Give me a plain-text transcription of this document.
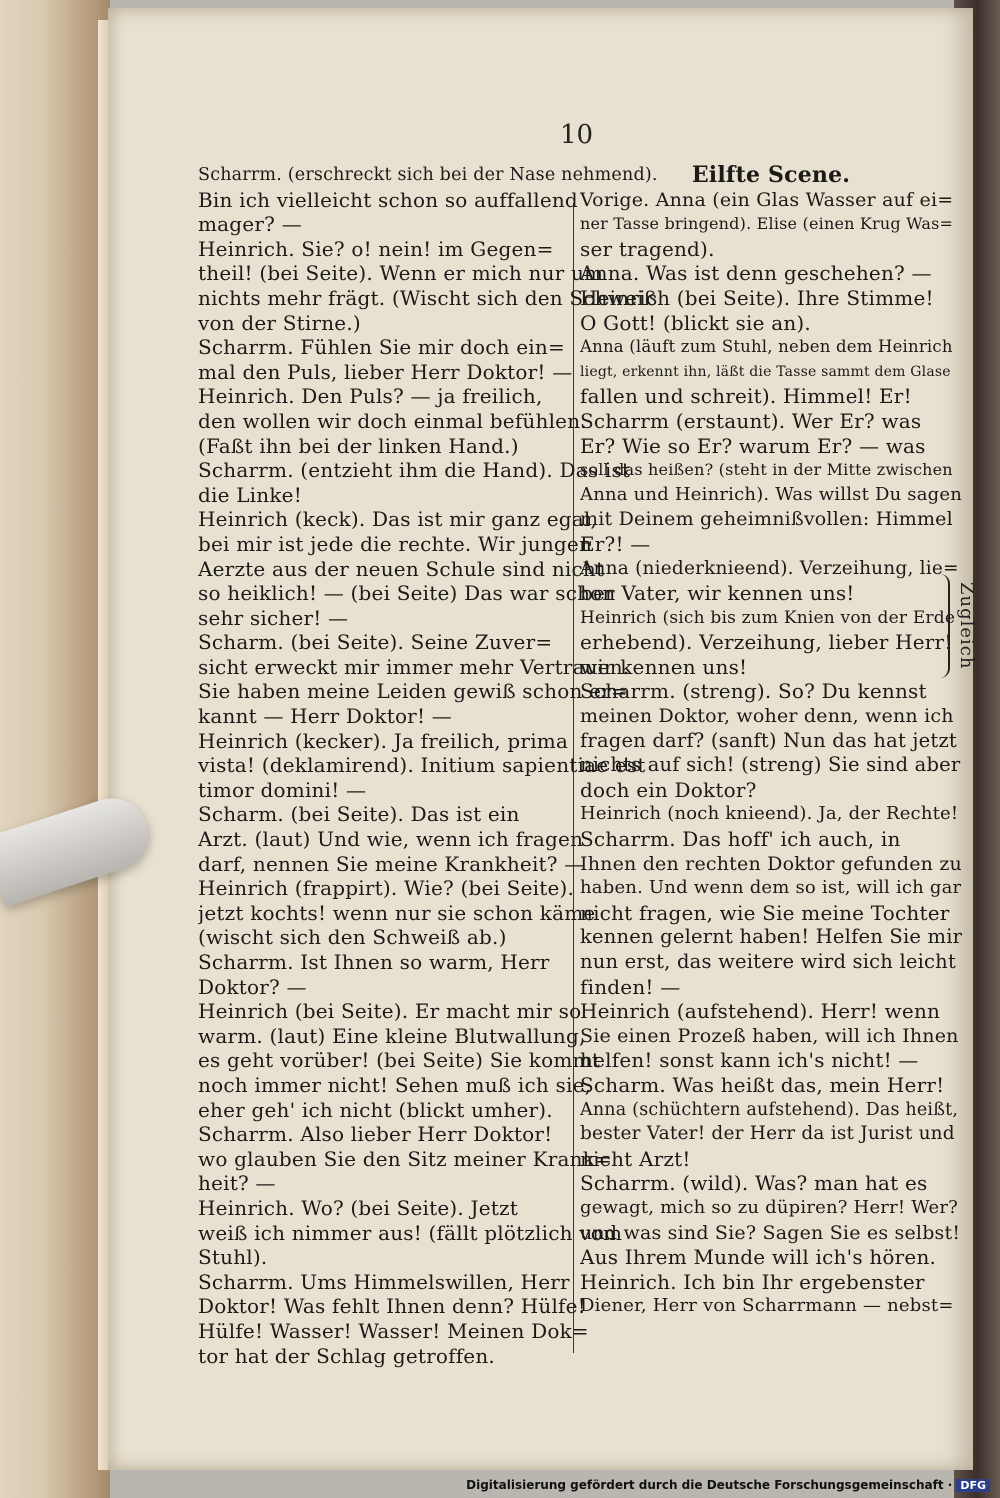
10
Scharrm. (erschreckt sich bei der Nase nehmend).
Bin ich vielleicht schon so auffallend
mager? —
Heinrich. Sie? o! nein! im Gegen=
theil! (bei Seite). Wenn er mich nur um
nichts mehr frägt. (Wischt sich den Schweiß
von der Stirne.)
Scharrm. Fühlen Sie mir doch ein=
mal den Puls, lieber Herr Doktor! —
Heinrich. Den Puls? — ja freilich,
den wollen wir doch einmal befühlen.
(Faßt ihn bei der linken Hand.)
Scharrm. (entzieht ihm die Hand). Das ist
die Linke!
Heinrich (keck). Das ist mir ganz egal,
bei mir ist jede die rechte. Wir jungen
Aerzte aus der neuen Schule sind nicht
so heiklich! — (bei Seite) Das war schon
sehr sicher! —
Scharm. (bei Seite). Seine Zuver=
sicht erweckt mir immer mehr Vertrauen.
Sie haben meine Leiden gewiß schon er=
kannt — Herr Doktor! —
Heinrich (kecker). Ja freilich, prima
vista! (deklamirend). Initium sapientiae est
timor domini! —
Scharm. (bei Seite). Das ist ein
Arzt. (laut) Und wie, wenn ich fragen
darf, nennen Sie meine Krankheit? —
Heinrich (frappirt). Wie? (bei Seite).
jetzt kochts! wenn nur sie schon käme
(wischt sich den Schweiß ab.)
Scharrm. Ist Ihnen so warm, Herr
Doktor? —
Heinrich (bei Seite). Er macht mir so
warm. (laut) Eine kleine Blutwallung,
es geht vorüber! (bei Seite) Sie kommt
noch immer nicht! Sehen muß ich sie,
eher geh' ich nicht (blickt umher).
Scharrm. Also lieber Herr Doktor!
wo glauben Sie den Sitz meiner Krank=
heit? —
Heinrich. Wo? (bei Seite). Jetzt
weiß ich nimmer aus! (fällt plötzlich vom
Stuhl).
Scharrm. Ums Himmelswillen, Herr
Doktor! Was fehlt Ihnen denn? Hülfe!
Hülfe! Wasser! Wasser! Meinen Dok=
tor hat der Schlag getroffen.
Eilfte Scene.
Vorige. Anna (ein Glas Wasser auf ei=
ner Tasse bringend). Elise (einen Krug Was=
ser tragend).
Anna. Was ist denn geschehen? —
Heinrich (bei Seite). Ihre Stimme!
O Gott! (blickt sie an).
Anna (läuft zum Stuhl, neben dem Heinrich
liegt, erkennt ihn, läßt die Tasse sammt dem Glase
fallen und schreit). Himmel! Er!
Scharrm (erstaunt). Wer Er? was
Er? Wie so Er? warum Er? — was
soll das heißen? (steht in der Mitte zwischen
Anna und Heinrich). Was willst Du sagen
mit Deinem geheimnißvollen: Himmel
Er?! —
Anna (niederknieend). Verzeihung, lie=
ber Vater, wir kennen uns!
Heinrich (sich bis zum Knien von der Erde
erhebend). Verzeihung, lieber Herr!
wir kennen uns!
Scharrm. (streng). So? Du kennst
meinen Doktor, woher denn, wenn ich
fragen darf? (sanft) Nun das hat jetzt
nichts auf sich! (streng) Sie sind aber
doch ein Doktor?
Heinrich (noch knieend). Ja, der Rechte!
Scharrm. Das hoff' ich auch, in
Ihnen den rechten Doktor gefunden zu
haben. Und wenn dem so ist, will ich gar
nicht fragen, wie Sie meine Tochter
kennen gelernt haben! Helfen Sie mir
nun erst, das weitere wird sich leicht
finden! —
Heinrich (aufstehend). Herr! wenn
Sie einen Prozeß haben, will ich Ihnen
helfen! sonst kann ich's nicht! —
Scharm. Was heißt das, mein Herr!
Anna (schüchtern aufstehend). Das heißt,
bester Vater! der Herr da ist Jurist und
nicht Arzt!
Scharrm. (wild). Was? man hat es
gewagt, mich so zu düpiren? Herr! Wer?
und was sind Sie? Sagen Sie es selbst!
Aus Ihrem Munde will ich's hören.
Heinrich. Ich bin Ihr ergebenster
Diener, Herr von Scharrmann — nebst=
Zugleich
Digitalisierung gefördert durch die Deutsche Forschungsgemeinschaft · DFG
